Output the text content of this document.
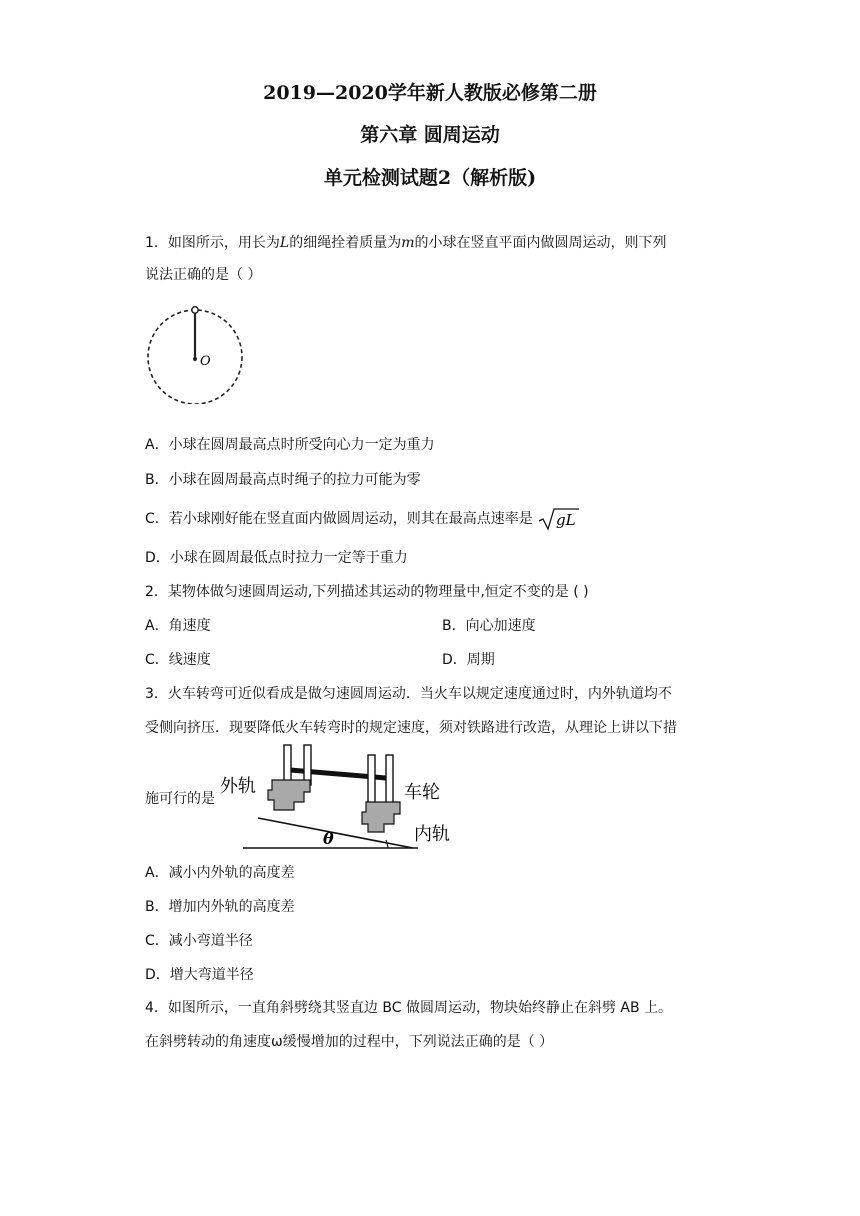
2019—2020学年新人教版必修第二册
第六章 圆周运动
单元检测试题2（解析版)
1．如图所示，用长为L的细绳拴着质量为m的小球在竖直平面内做圆周运动，则下列
说法正确的是（ ）
O
A．小球在圆周最高点时所受向心力一定为重力
B．小球在圆周最高点时绳子的拉力可能为零
C．若小球刚好能在竖直面内做圆周运动，则其在最高点速率是 gL
D．小球在圆周最低点时拉力一定等于重力
2．某物体做匀速圆周运动,下列描述其运动的物理量中,恒定不变的是 ( )
A．角速度	B．向心加速度
C．线速度	D．周期
3．火车转弯可近似看成是做匀速圆周运动．当火车以规定速度通过时，内外轨道均不
受侧向挤压．现要降低火车转弯时的规定速度，须对铁路进行改造，从理论上讲以下措
施可行的是
外轨	车轮
内轨
θ
A．减小内外轨的高度差
B．增加内外轨的高度差
C．减小弯道半径
D．增大弯道半径
4．如图所示，一直角斜劈绕其竖直边 BC 做圆周运动，物块始终静止在斜劈 AB 上。
在斜劈转动的角速度ω缓慢增加的过程中，下列说法正确的是（ ）
